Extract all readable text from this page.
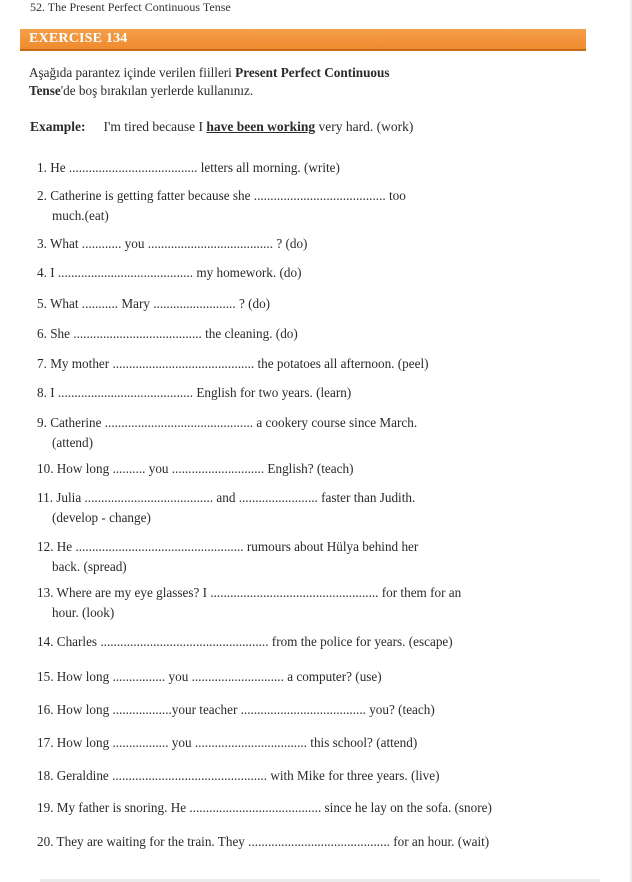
52. The Present Perfect Continuous Tense
EXERCISE 134
Aşağıda parantez içinde verilen fiilleri Present Perfect Continuous
Tense'de boş bırakılan yerlerde kullanınız.
Example: I'm tired because I have been working very hard. (work)
1. He ....................................... letters all morning. (write)
2. Catherine is getting fatter because she ........................................ too
much.(eat)
3. What ............ you ...................................... ? (do)
4. I ......................................... my homework. (do)
5. What ........... Mary ......................... ? (do)
6. She ....................................... the cleaning. (do)
7. My mother ........................................... the potatoes all afternoon. (peel)
8. I ......................................... English for two years. (learn)
9. Catherine ............................................. a cookery course since March.
(attend)
10. How long .......... you ............................ English? (teach)
11. Julia ....................................... and ........................ faster than Judith.
(develop - change)
12. He ................................................... rumours about Hülya behind her
back. (spread)
13. Where are my eye glasses? I ................................................... for them for an
hour. (look)
14. Charles ................................................... from the police for years. (escape)
15. How long ................ you ............................ a computer? (use)
16. How long ..................your teacher ...................................... you? (teach)
17. How long ................. you .................................. this school? (attend)
18. Geraldine ............................................... with Mike for three years. (live)
19. My father is snoring. He ........................................ since he lay on the sofa. (snore)
20. They are waiting for the train. They ........................................... for an hour. (wait)
